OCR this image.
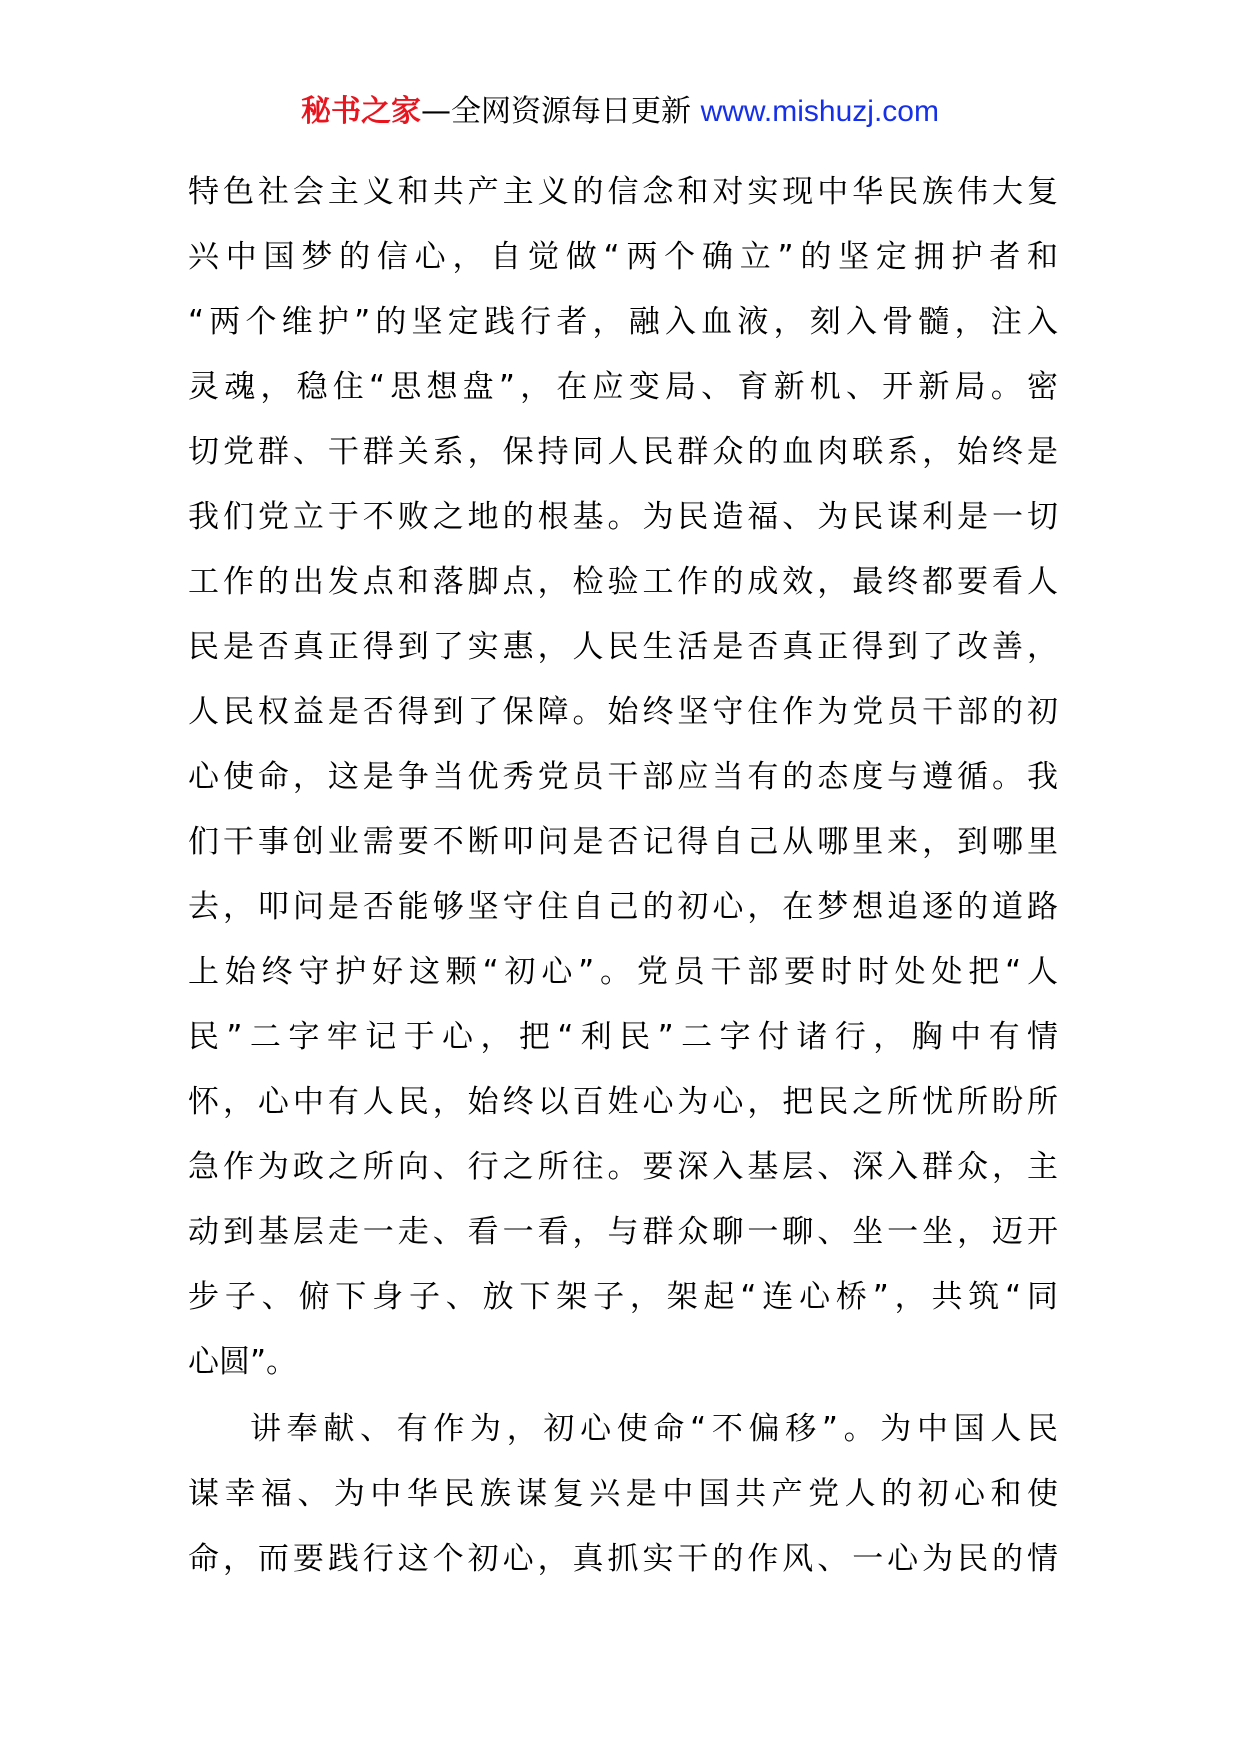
秘书之家—全网资源每日更新 www.mishuzj.com
特色社会主义和共产主义的信念和对实现中华民族伟大复
兴中国梦的信心，自觉做“两个确立”的坚定拥护者和
“两个维护”的坚定践行者，融入血液，刻入骨髓，注入
灵魂，稳住“思想盘”，在应变局、育新机、开新局。密
切党群、干群关系，保持同人民群众的血肉联系，始终是
我们党立于不败之地的根基。为民造福、为民谋利是一切
工作的出发点和落脚点，检验工作的成效，最终都要看人
民是否真正得到了实惠，人民生活是否真正得到了改善，
人民权益是否得到了保障。始终坚守住作为党员干部的初
心使命，这是争当优秀党员干部应当有的态度与遵循。我
们干事创业需要不断叩问是否记得自己从哪里来，到哪里
去，叩问是否能够坚守住自己的初心，在梦想追逐的道路
上始终守护好这颗“初心”。党员干部要时时处处把“人
民”二字牢记于心，把“利民”二字付诸行，胸中有情
怀，心中有人民，始终以百姓心为心，把民之所忧所盼所
急作为政之所向、行之所往。要深入基层、深入群众，主
动到基层走一走、看一看，与群众聊一聊、坐一坐，迈开
步子、俯下身子、放下架子，架起“连心桥”，共筑“同
心圆”。
讲奉献、有作为，初心使命“不偏移”。为中国人民
谋幸福、为中华民族谋复兴是中国共产党人的初心和使
命，而要践行这个初心，真抓实干的作风、一心为民的情
